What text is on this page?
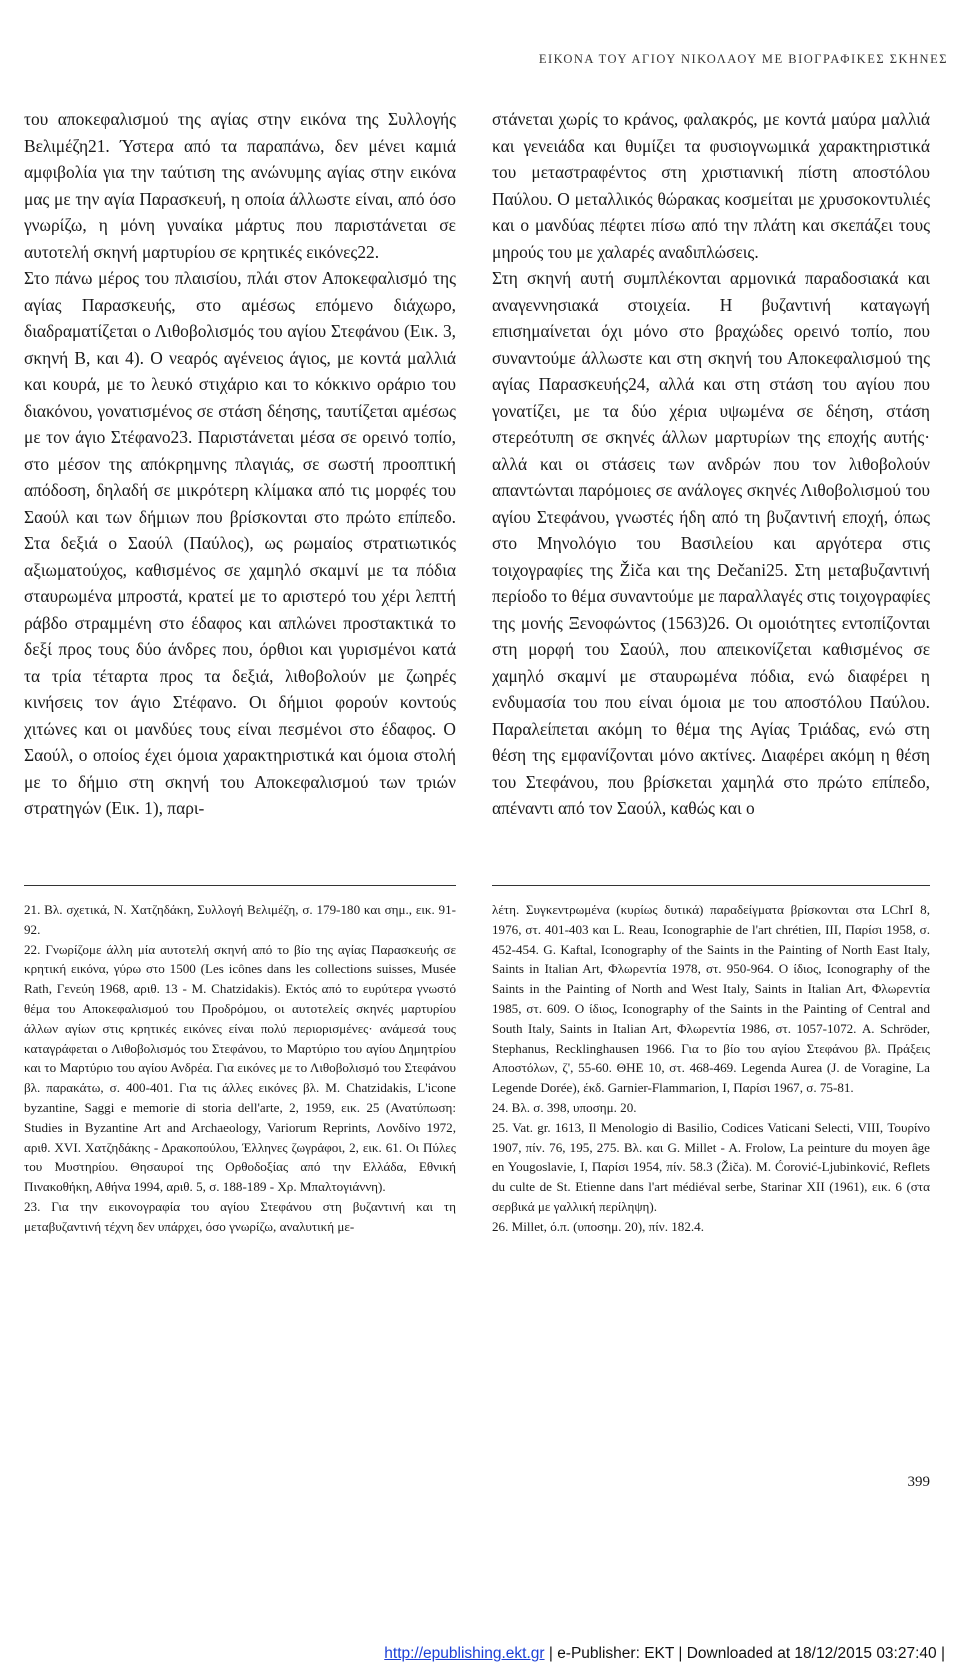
ΕΙΚΟΝΑ ΤΟΥ ΑΓΙΟΥ ΝΙΚΟΛΑΟΥ ΜΕ ΒΙΟΓΡΑΦΙΚΕΣ ΣΚΗΝΕΣ

του αποκεφαλισμού της αγίας στην εικόνα της Συλλογής Βελιμέζη21. Ύστερα από τα παραπάνω, δεν μένει καμιά αμφιβολία για την ταύτιση της ανώνυμης αγίας στην εικόνα μας με την αγία Παρασκευή, η οποία άλλωστε είναι, από όσο γνωρίζω, η μόνη γυναίκα μάρτυς που παριστάνεται σε αυτοτελή σκηνή μαρτυρίου σε κρητικές εικόνες22.

Στο πάνω μέρος του πλαισίου, πλάι στον Αποκεφαλισμό της αγίας Παρασκευής, στο αμέσως επόμενο διάχωρο, διαδραματίζεται ο Λιθοβολισμός του αγίου Στεφάνου (Εικ. 3, σκηνή Β, και 4). Ο νεαρός αγένειος άγιος, με κοντά μαλλιά και κουρά, με το λευκό στιχάριο και το κόκκινο οράριο του διακόνου, γονατισμένος σε στάση δέησης, ταυτίζεται αμέσως με τον άγιο Στέφανο23. Παριστάνεται μέσα σε ορεινό τοπίο, στο μέσον της απόκρημνης πλαγιάς, σε σωστή προοπτική απόδοση, δηλαδή σε μικρότερη κλίμακα από τις μορφές του Σαούλ και των δήμιων που βρίσκονται στο πρώτο επίπεδο. Στα δεξιά ο Σαούλ (Παύλος), ως ρωμαίος στρατιωτικός αξιωματούχος, καθισμένος σε χαμηλό σκαμνί με τα πόδια σταυρωμένα μπροστά, κρατεί με το αριστερό του χέρι λεπτή ράβδο στραμμένη στο έδαφος και απλώνει προστακτικά το δεξί προς τους δύο άνδρες που, όρθιοι και γυρισμένοι κατά τα τρία τέταρτα προς τα δεξιά, λιθοβολούν με ζωηρές κινήσεις τον άγιο Στέφανο. Οι δήμιοι φορούν κοντούς χιτώνες και οι μανδύες τους είναι πεσμένοι στο έδαφος. Ο Σαούλ, ο οποίος έχει όμοια χαρακτηριστικά και όμοια στολή με το δήμιο στη σκηνή του Αποκεφαλισμού των τριών στρατηγών (Εικ. 1), παρι-

στάνεται χωρίς το κράνος, φαλακρός, με κοντά μαύρα μαλλιά και γενειάδα και θυμίζει τα φυσιογνωμικά χαρακτηριστικά του μεταστραφέντος στη χριστιανική πίστη αποστόλου Παύλου. Ο μεταλλικός θώρακας κοσμείται με χρυσοκοντυλιές και ο μανδύας πέφτει πίσω από την πλάτη και σκεπάζει τους μηρούς του με χαλαρές αναδιπλώσεις.

Στη σκηνή αυτή συμπλέκονται αρμονικά παραδοσιακά και αναγεννησιακά στοιχεία. Η βυζαντινή καταγωγή επισημαίνεται όχι μόνο στο βραχώδες ορεινό τοπίο, που συναντούμε άλλωστε και στη σκηνή του Αποκεφαλισμού της αγίας Παρασκευής24, αλλά και στη στάση του αγίου που γονατίζει, με τα δύο χέρια υψωμένα σε δέηση, στάση στερεότυπη σε σκηνές άλλων μαρτυρίων της εποχής αυτής· αλλά και οι στάσεις των ανδρών που τον λιθοβολούν απαντώνται παρόμοιες σε ανάλογες σκηνές Λιθοβολισμού του αγίου Στεφάνου, γνωστές ήδη από τη βυζαντινή εποχή, όπως στο Μηνολόγιο του Βασιλείου και αργότερα στις τοιχογραφίες της Žiča και της Dečani25. Στη μεταβυζαντινή περίοδο το θέμα συναντούμε με παραλλαγές στις τοιχογραφίες της μονής Ξενοφώντος (1563)26. Οι ομοιότητες εντοπίζονται στη μορφή του Σαούλ, που απεικονίζεται καθισμένος σε χαμηλό σκαμνί με σταυρωμένα πόδια, ενώ διαφέρει η ενδυμασία του που είναι όμοια με του αποστόλου Παύλου. Παραλείπεται ακόμη το θέμα της Αγίας Τριάδας, ενώ στη θέση της εμφανίζονται μόνο ακτίνες. Διαφέρει ακόμη η θέση του Στεφάνου, που βρίσκεται χαμηλά στο πρώτο επίπεδο, απέναντι από τον Σαούλ, καθώς και ο

21. Βλ. σχετικά, Ν. Χατζηδάκη, Συλλογή Βελιμέζη, σ. 179-180 και σημ., εικ. 91-92.

22. Γνωρίζομε άλλη μία αυτοτελή σκηνή από το βίο της αγίας Παρασκευής σε κρητική εικόνα, γύρω στο 1500 (Les icônes dans les collections suisses, Musée Rath, Γενεύη 1968, αριθ. 13 - M. Chatzidakis). Εκτός από το ευρύτερα γνωστό θέμα του Αποκεφαλισμού του Προδρόμου, οι αυτοτελείς σκηνές μαρτυρίου άλλων αγίων στις κρητικές εικόνες είναι πολύ περιορισμένες· ανάμεσά τους καταγράφεται ο Λιθοβολισμός του Στεφάνου, το Μαρτύριο του αγίου Δημητρίου και το Μαρτύριο του αγίου Ανδρέα. Για εικόνες με το Λιθοβολισμό του Στεφάνου βλ. παρακάτω, σ. 400-401. Για τις άλλες εικόνες βλ. M. Chatzidakis, L'icone byzantine, Saggi e memorie di storia dell'arte, 2, 1959, εικ. 25 (Ανατύπωση: Studies in Byzantine Art and Archaeology, Variorum Reprints, Λονδίνο 1972, αριθ. XVI. Χατζηδάκης - Δρακοπούλου, Έλληνες ζωγράφοι, 2, εικ. 61. Οι Πύλες του Μυστηρίου. Θησαυροί της Ορθοδοξίας από την Ελλάδα, Εθνική Πινακοθήκη, Αθήνα 1994, αριθ. 5, σ. 188-189 - Χρ. Μπαλτογιάννη).

23. Για την εικονογραφία του αγίου Στεφάνου στη βυζαντινή και τη μεταβυζαντινή τέχνη δεν υπάρχει, όσο γνωρίζω, αναλυτική με-

λέτη. Συγκεντρωμένα (κυρίως δυτικά) παραδείγματα βρίσκονται στα LChrI 8, 1976, στ. 401-403 και L. Reau, Iconographie de l'art chrétien, III, Παρίσι 1958, σ. 452-454. G. Kaftal, Iconography of the Saints in the Painting of North East Italy, Saints in Italian Art, Φλωρεντία 1978, στ. 950-964. Ο ίδιος, Iconography of the Saints in the Painting of North and West Italy, Saints in Italian Art, Φλωρεντία 1985, στ. 609. Ο ίδιος, Iconography of the Saints in the Painting of Central and South Italy, Saints in Italian Art, Φλωρεντία 1986, στ. 1057-1072. A. Schröder, Stephanus, Recklinghausen 1966. Για το βίο του αγίου Στεφάνου βλ. Πράξεις Αποστόλων, ζ', 55-60. ΘΗΕ 10, στ. 468-469. Legenda Aurea (J. de Voragine, La Legende Dorée), έκδ. Garnier-Flammarion, I, Παρίσι 1967, σ. 75-81.

24. Βλ. σ. 398, υποσημ. 20.

25. Vat. gr. 1613, Il Menologio di Basilio, Codices Vaticani Selecti, VIII, Τουρίνο 1907, πίν. 76, 195, 275. Βλ. και G. Millet - A. Frolow, La peinture du moyen âge en Yougoslavie, I, Παρίσι 1954, πίν. 58.3 (Žiča). M. Ćorović-Ljubinković, Reflets du culte de St. Etienne dans l'art médiéval serbe, Starinar XII (1961), εικ. 6 (στα σερβικά με γαλλική περίληψη).

26. Millet, ό.π. (υποσημ. 20), πίν. 182.4.

399
http://epublishing.ekt.gr | e-Publisher: EKT | Downloaded at 18/12/2015 03:27:40 |
